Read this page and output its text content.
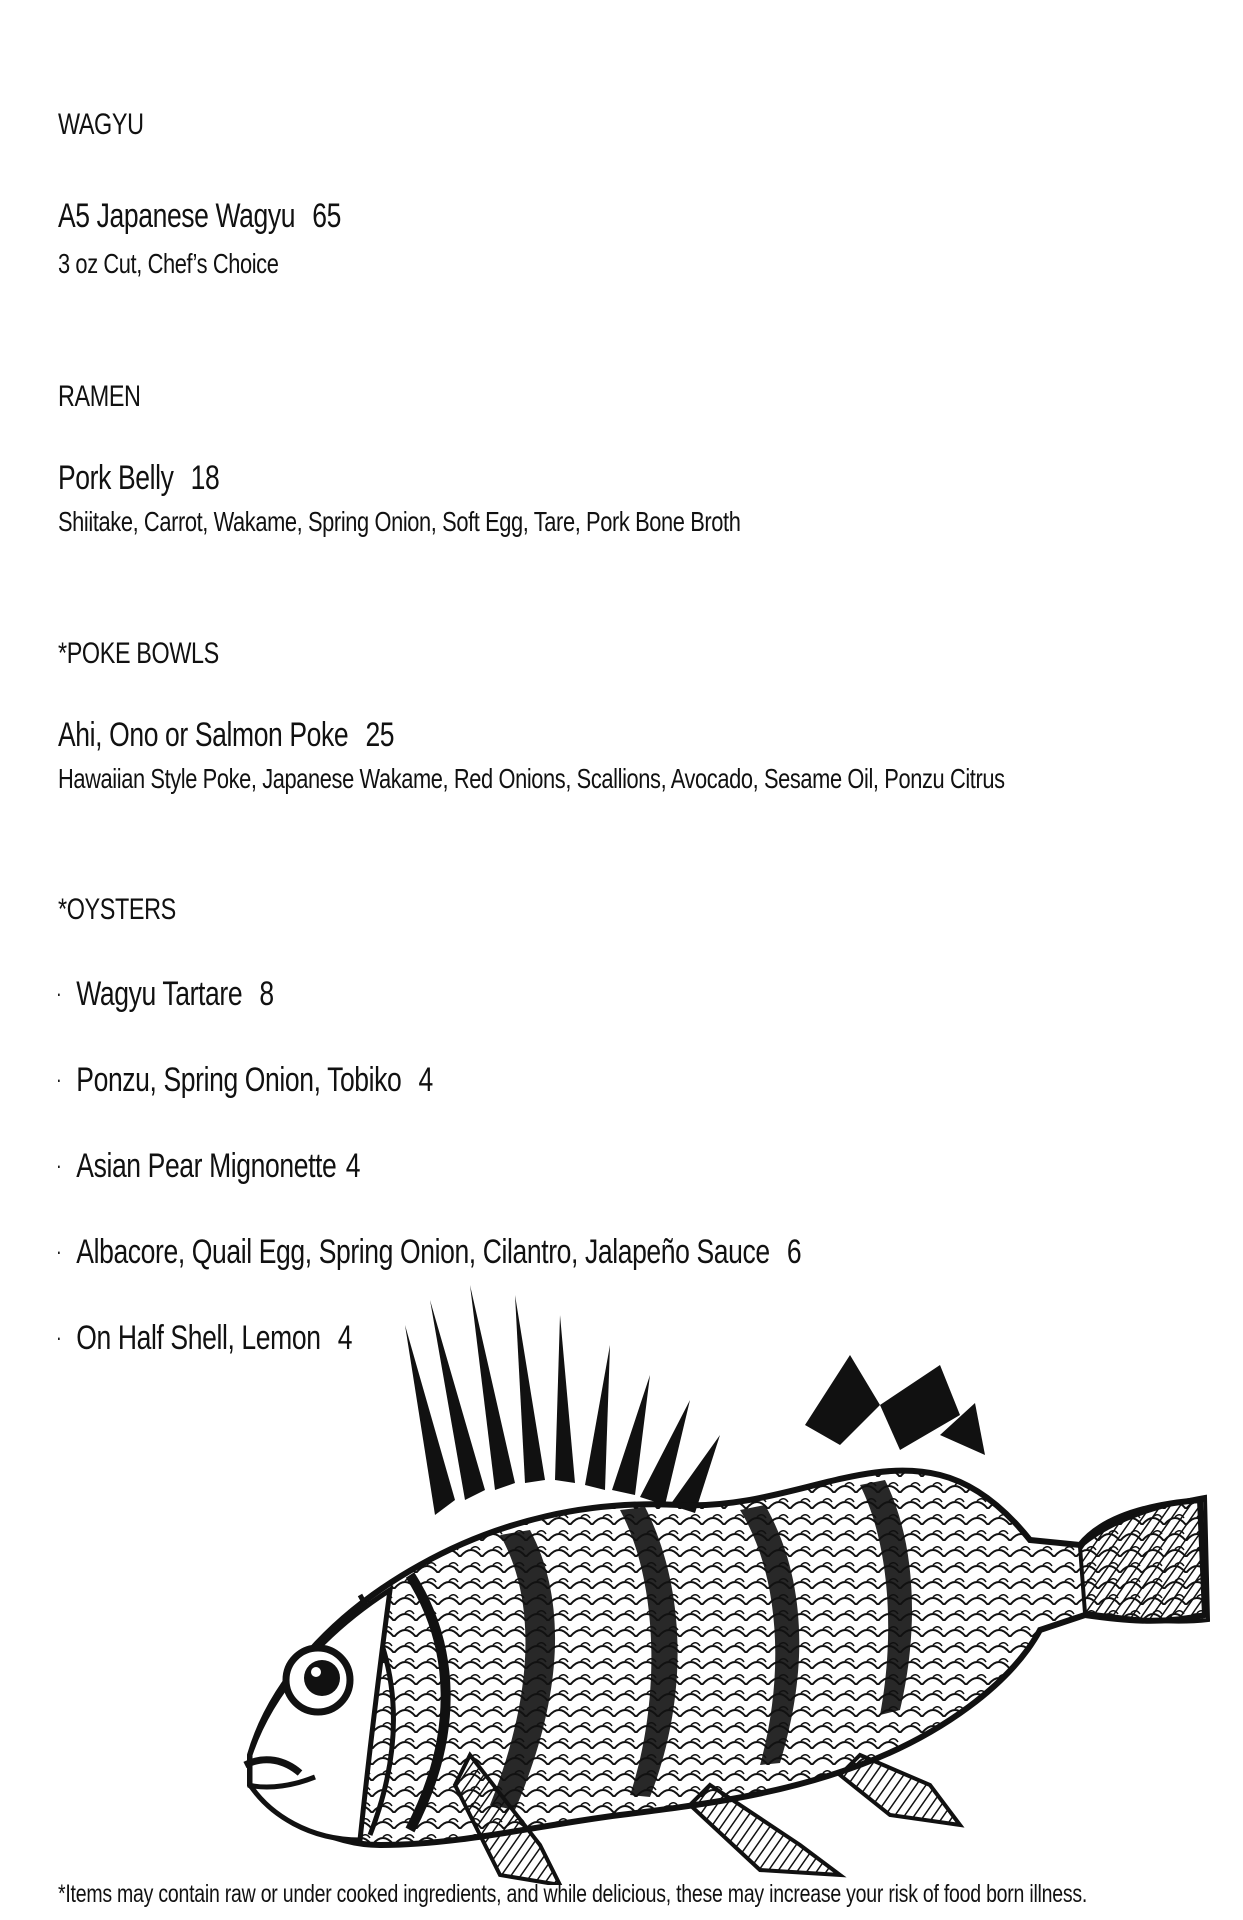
WAGYU
A5 Japanese Wagyu 65
3 oz Cut, Chef’s Choice
RAMEN
Pork Belly 18
Shiitake, Carrot, Wakame, Spring Onion, Soft Egg, Tare, Pork Bone Broth
*POKE BOWLS
Ahi, Ono or Salmon Poke 25
Hawaiian Style Poke, Japanese Wakame, Red Onions, Scallions, Avocado, Sesame Oil, Ponzu Citrus
*OYSTERS
· Wagyu Tartare 8
· Ponzu, Spring Onion, Tobiko 4
· Asian Pear Mignonette 4
· Albacore, Quail Egg, Spring Onion, Cilantro, Jalapeño Sauce 6
· On Half Shell, Lemon 4
*Items may contain raw or under cooked ingredients, and while delicious, these may increase your risk of food born illness.
